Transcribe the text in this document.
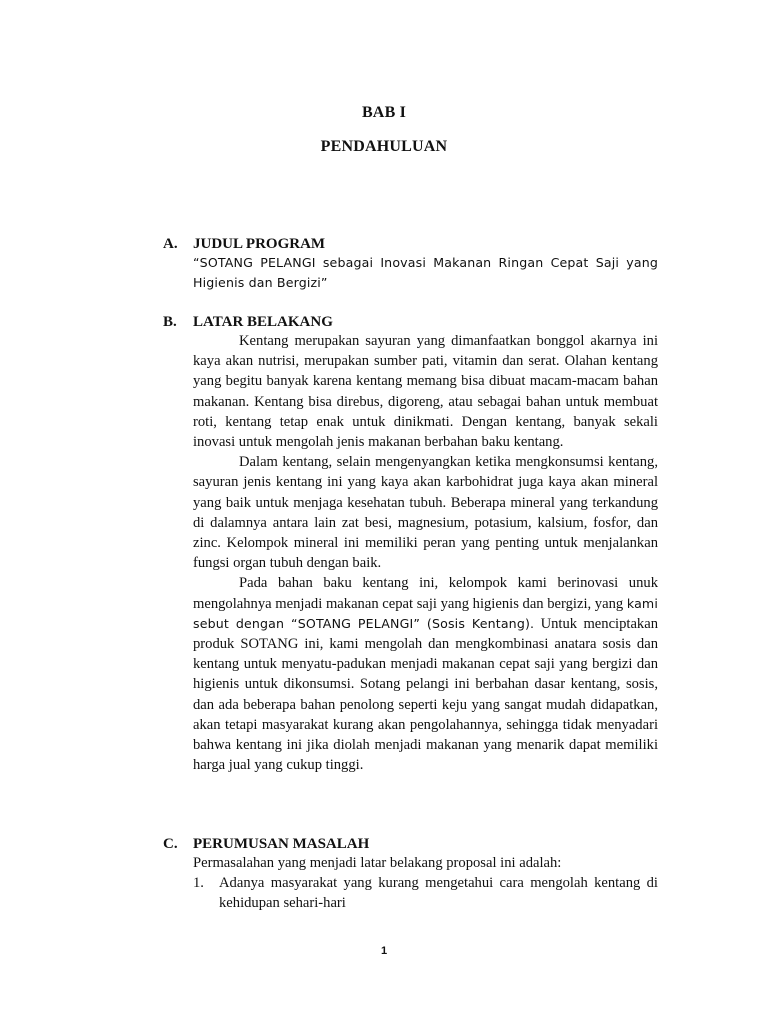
BAB I
PENDAHULUAN
A. JUDUL PROGRAM
“SOTANG PELANGI sebagai Inovasi Makanan Ringan Cepat Saji yang Higienis dan Bergizi”
B. LATAR BELAKANG

Kentang merupakan sayuran yang dimanfaatkan bonggol akarnya ini kaya akan nutrisi, merupakan sumber pati, vitamin dan serat. Olahan kentang yang begitu banyak karena kentang memang bisa dibuat macam-macam bahan makanan. Kentang bisa direbus, digoreng, atau sebagai bahan untuk membuat roti, kentang tetap enak untuk dinikmati. Dengan kentang, banyak sekali inovasi untuk mengolah jenis makanan berbahan baku kentang.

Dalam kentang, selain mengenyangkan ketika mengkonsumsi kentang, sayuran jenis kentang ini yang kaya akan karbohidrat juga kaya akan mineral yang baik untuk menjaga kesehatan tubuh. Beberapa mineral yang terkandung di dalamnya antara lain zat besi, magnesium, potasium, kalsium, fosfor, dan zinc. Kelompok mineral ini memiliki peran yang penting untuk menjalankan fungsi organ tubuh dengan baik.

Pada bahan baku kentang ini, kelompok kami berinovasi unuk mengolahnya menjadi makanan cepat saji yang higienis dan bergizi, yang kami sebut dengan “SOTANG PELANGI” (Sosis Kentang). Untuk menciptakan produk SOTANG ini, kami mengolah dan mengkombinasi anatara sosis dan kentang untuk menyatu-padukan menjadi makanan cepat saji yang bergizi dan higienis untuk dikonsumsi. Sotang pelangi ini berbahan dasar kentang, sosis, dan ada beberapa bahan penolong seperti keju yang sangat mudah didapatkan, akan tetapi masyarakat kurang akan pengolahannya, sehingga tidak menyadari bahwa kentang ini jika diolah menjadi makanan yang menarik dapat memiliki harga jual yang cukup tinggi.

C. PERUMUSAN MASALAH
Permasalahan yang menjadi latar belakang proposal ini adalah:
1. Adanya masyarakat yang kurang mengetahui cara mengolah kentang di kehidupan sehari-hari
1
